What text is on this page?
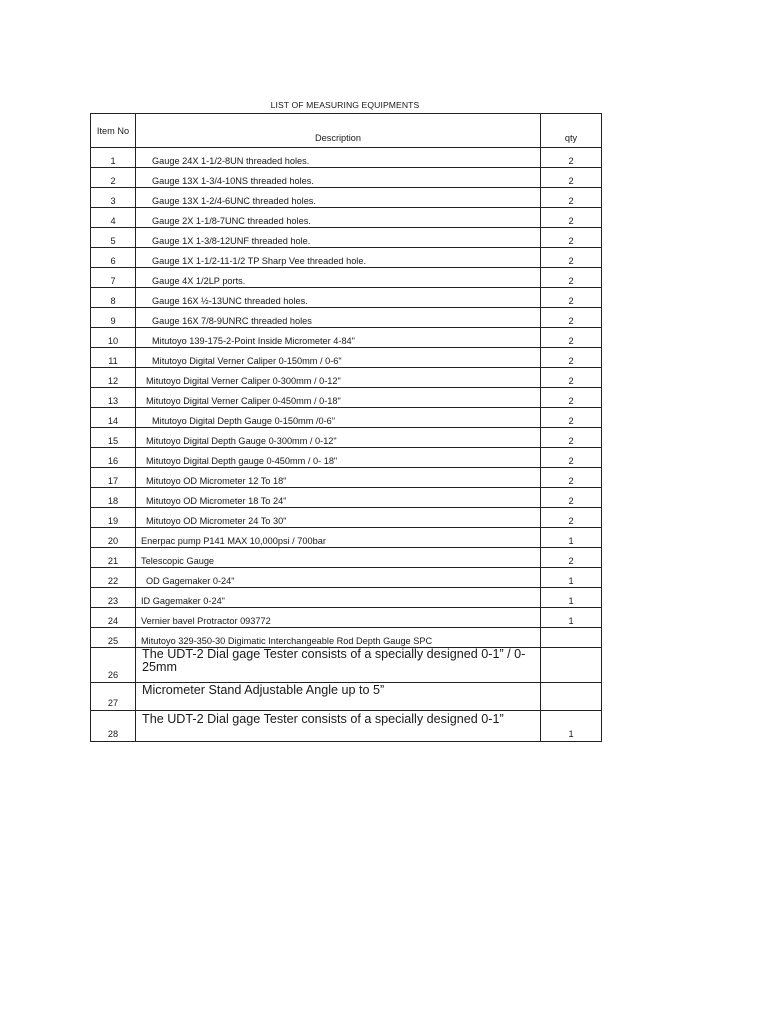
LIST OF MEASURING EQUIPMENTS
Item No	Description	qty
1	Gauge 24X 1-1/2-8UN threaded holes.	2
2	Gauge 13X 1-3/4-10NS threaded holes.	2
3	Gauge 13X 1-2/4-6UNC threaded holes.	2
4	Gauge 2X 1-1/8-7UNC threaded holes.	2
5	Gauge 1X 1-3/8-12UNF threaded hole.	2
6	Gauge 1X 1-1/2-11-1/2 TP Sharp Vee threaded hole.	2
7	Gauge 4X 1/2LP ports.	2
8	Gauge 16X ½-13UNC threaded holes.	2
9	Gauge 16X 7/8-9UNRC threaded holes	2
10	Mitutoyo 139-175-2-Point Inside Micrometer 4-84"	2
11	Mitutoyo Digital Verner Caliper 0-150mm / 0-6"	2
12	Mitutoyo Digital Verner Caliper 0-300mm / 0-12"	2
13	Mitutoyo Digital Verner Caliper 0-450mm / 0-18"	2
14	Mitutoyo Digital Depth Gauge 0-150mm /0-6"	2
15	Mitutoyo Digital Depth Gauge 0-300mm / 0-12"	2
16	Mitutoyo Digital Depth gauge 0-450mm / 0- 18"	2
17	Mitutoyo OD Micrometer 12 To 18"	2
18	Mitutoyo OD Micrometer 18 To 24"	2
19	Mitutoyo OD Micrometer 24 To 30"	2
20	Enerpac pump P141 MAX 10,000psi / 700bar	1
21	Telescopic Gauge	2
22	OD Gagemaker 0-24"	1
23	ID Gagemaker 0-24"	1
24	Vernier bavel Protractor 093772	1
25	Mitutoyo 329-350-30 Digimatic Interchangeable Rod Depth Gauge SPC	
26	The UDT-2 Dial gage Tester consists of a specially designed 0-1” / 0-25mm	
27	Micrometer Stand Adjustable Angle up to 5”	
28	The UDT-2 Dial gage Tester consists of a specially designed 0-1”	1
